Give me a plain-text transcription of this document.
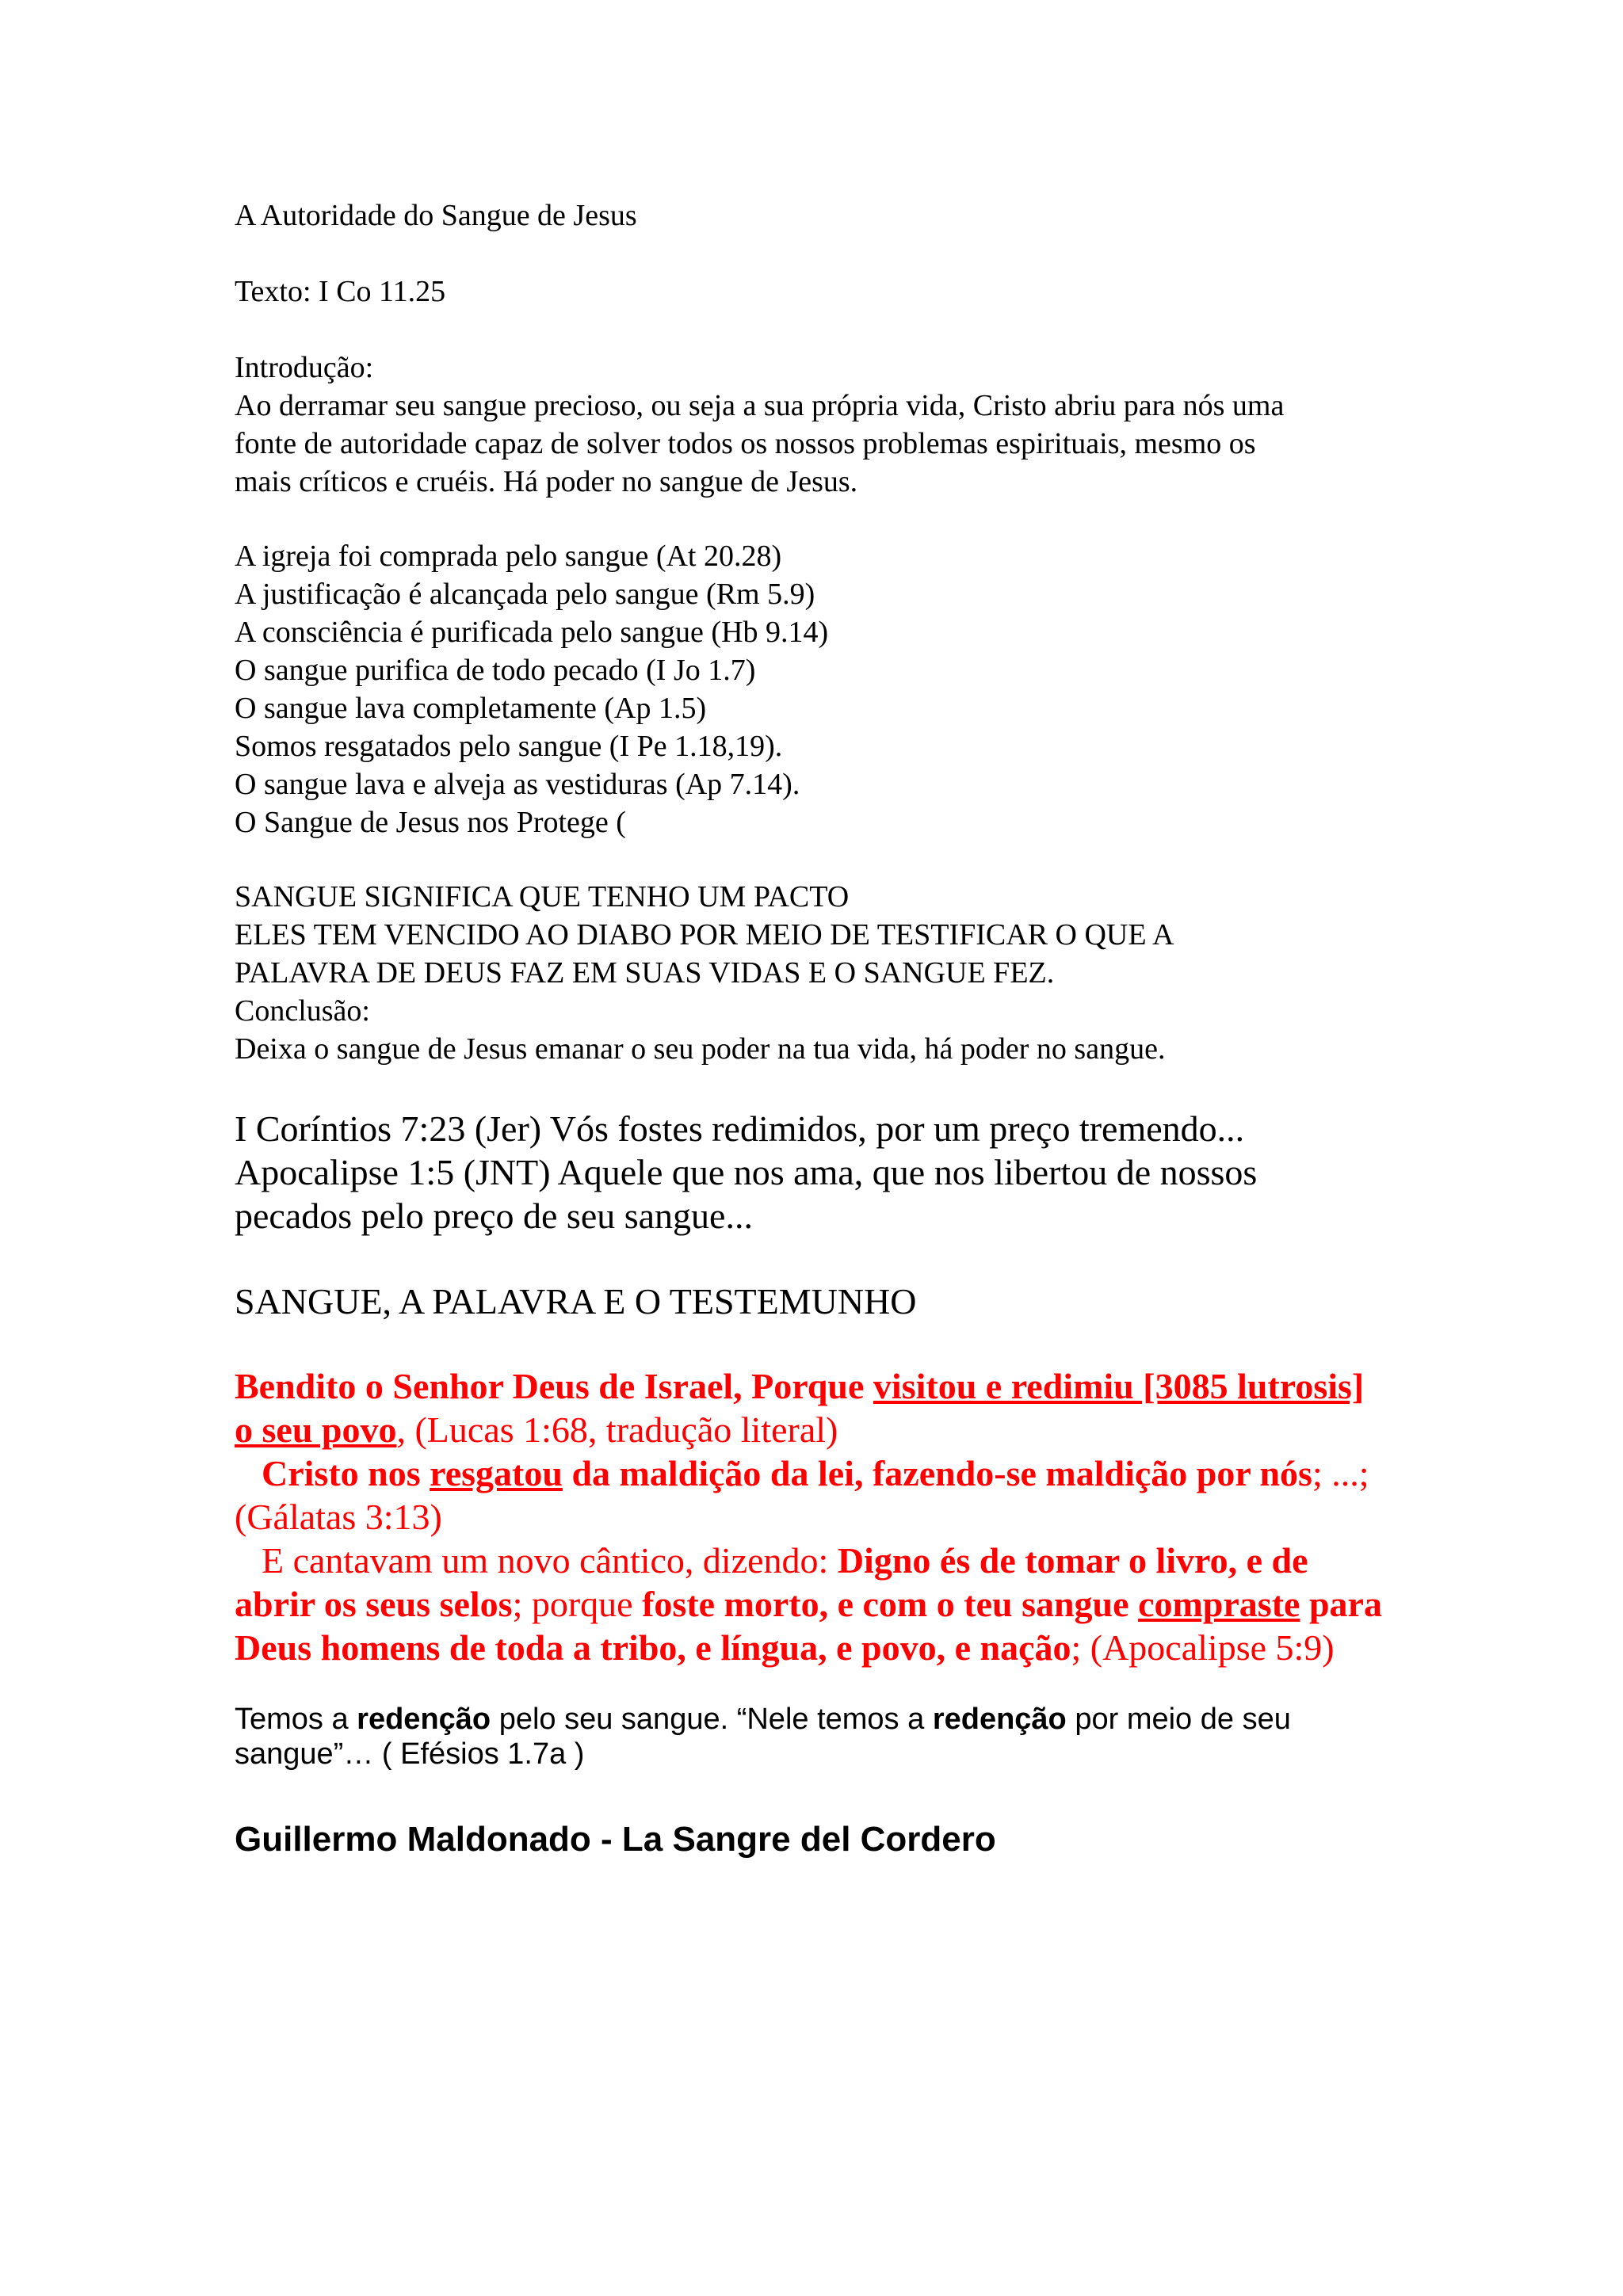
A Autoridade do Sangue de Jesus

Texto: I Co 11.25

Introdução:
Ao derramar seu sangue precioso, ou seja a sua própria vida, Cristo abriu para nós uma
fonte de autoridade capaz de solver todos os nossos problemas espirituais, mesmo os
mais críticos e cruéis. Há poder no sangue de Jesus.
A igreja foi comprada pelo sangue (At 20.28)
A justificação é alcançada pelo sangue (Rm 5.9)
A consciência é purificada pelo sangue (Hb 9.14)
O sangue purifica de todo pecado (I Jo 1.7)
O sangue lava completamente (Ap 1.5)
Somos resgatados pelo sangue (I Pe 1.18,19).
O sangue lava e alveja as vestiduras (Ap 7.14).
O Sangue de Jesus nos Protege (
SANGUE SIGNIFICA QUE TENHO UM PACTO
ELES TEM VENCIDO AO DIABO POR MEIO DE TESTIFICAR O QUE A
PALAVRA DE DEUS FAZ EM SUAS VIDAS E O SANGUE FEZ.
Conclusão:
Deixa o sangue de Jesus emanar o seu poder na tua vida, há poder no sangue.
I Coríntios 7:23 (Jer) Vós fostes redimidos, por um preço tremendo...
Apocalipse 1:5 (JNT) Aquele que nos ama, que nos libertou de nossos
pecados pelo preço de seu sangue...

SANGUE, A PALAVRA E O TESTEMUNHO

Bendito o Senhor Deus de Israel, Porque visitou e redimiu [3085 lutrosis]
o seu povo, (Lucas 1:68, tradução literal)
Cristo nos resgatou da maldição da lei, fazendo-se maldição por nós; ...;
(Gálatas 3:13)
E cantavam um novo cântico, dizendo: Digno és de tomar o livro, e de
abrir os seus selos; porque foste morto, e com o teu sangue compraste para
Deus homens de toda a tribo, e língua, e povo, e nação; (Apocalipse 5:9)
Temos a redenção pelo seu sangue. “Nele temos a redenção por meio de seu
sangue”… ( Efésios 1.7a )

Guillermo Maldonado - La Sangre del Cordero
